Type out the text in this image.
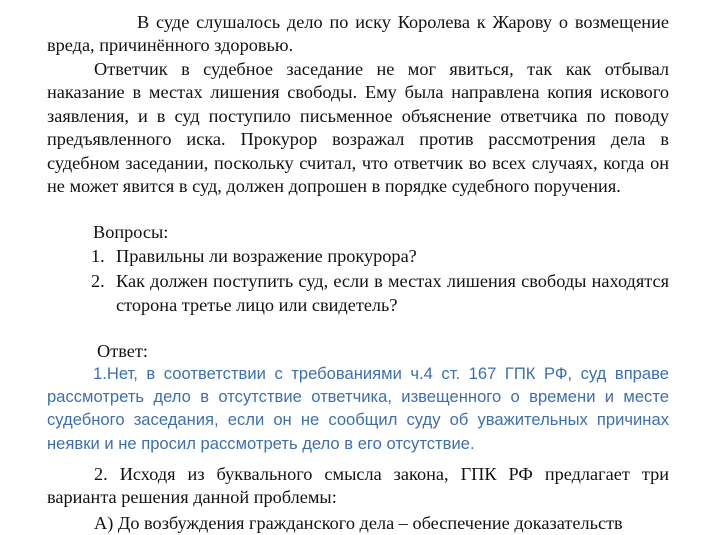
В суде слушалось дело по иску Королева к Жарову о возмещение вреда, причинённого здоровью.
Ответчик в судебное заседание не мог явиться, так как отбывал наказание в местах лишения свободы. Ему была направлена копия искового заявления, и в суд поступило письменное объяснение ответчика по поводу предъявленного иска. Прокурор возражал против рассмотрения дела в судебном заседании, поскольку считал, что ответчик во всех случаях, когда он не может явится в суд, должен допрошен в порядке судебного поручения.
Вопросы:
1. Правильны ли возражение прокурора?
2. Как должен поступить суд, если в местах лишения свободы находятся сторона третье лицо или свидетель?
Ответ:
1.Нет, в соответствии с требованиями ч.4 ст. 167 ГПК РФ, суд вправе рассмотреть дело в отсутствие ответчика, извещенного о времени и месте судебного заседания, если он не сообщил суду об уважительных причинах неявки и не просил рассмотреть дело в его отсутствие.
2. Исходя из буквального смысла закона, ГПК РФ предлагает три варианта решения данной проблемы:
А) До возбуждения гражданского дела – обеспечение доказательств
